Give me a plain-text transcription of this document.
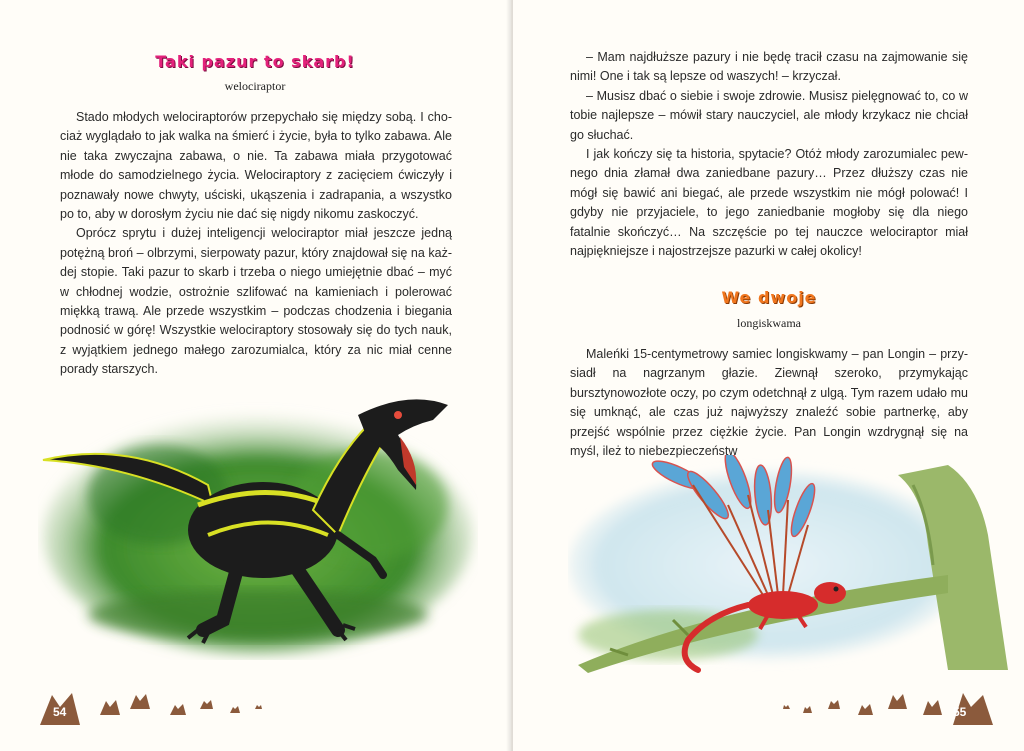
Taki pazur to skarb!
welociraptor

Stado młodych welociraptorów przepychało się między sobą. I chociaż wyglądało to jak walka na śmierć i życie, była to tylko zabawa. Ale nie taka zwyczajna zabawa, o nie. Ta zabawa miała przygotować młode do samodzielnego życia. Welociraptory z zacięciem ćwiczyły i poznawały nowe chwyty, uściski, ukąszenia i zadrapania, a wszystko po to, aby w dorosłym życiu nie dać się nigdy nikomu zaskoczyć.

Oprócz sprytu i dużej inteligencji welociraptor miał jeszcze jedną potężną broń – olbrzymi, sierpowaty pazur, który znajdował się na każdej stopie. Taki pazur to skarb i trzeba o niego umiejętnie dbać – myć w chłodnej wodzie, ostrożnie szlifować na kamieniach i polerować miękką trawą. Ale przede wszystkim – podczas chodzenia i biegania podnosić w górę! Wszystkie welociraptory stosowały się do tych nauk, z wyjątkiem jednego małego zarozumialca, który za nic miał cenne porady starszych.

54

– Mam najdłuższe pazury i nie będę tracił czasu na zajmowanie się nimi! One i tak są lepsze od waszych! – krzyczał.

– Musisz dbać o siebie i swoje zdrowie. Musisz pielęgnować to, co w tobie najlepsze – mówił stary nauczyciel, ale młody krzykacz nie chciał go słuchać.

I jak kończy się ta historia, spytacie? Otóż młody zarozumialec pewnego dnia złamał dwa zaniedbane pazury… Przez dłuższy czas nie mógł się bawić ani biegać, ale przede wszystkim nie mógł polować! I gdyby nie przyjaciele, to jego zaniedbanie mogłoby się dla niego fatalnie skończyć… Na szczęście po tej nauczce welociraptor miał najpiękniejsze i najostrzejsze pazurki w całej okolicy!

We dwoje
longiskwama

Maleńki 15-centymetrowy samiec longiskwamy – pan Longin – przysiadł na nagrzanym głazie. Ziewnął szeroko, przymykając bursztynowozłote oczy, po czym odetchnął z ulgą. Tym razem udało mu się umknąć, ale czas już najwyższy znaleźć sobie partnerkę, aby przejść wspólnie przez ciężkie życie. Pan Longin wzdrygnął się na myśl, ileż to niebezpieczeństw

55
